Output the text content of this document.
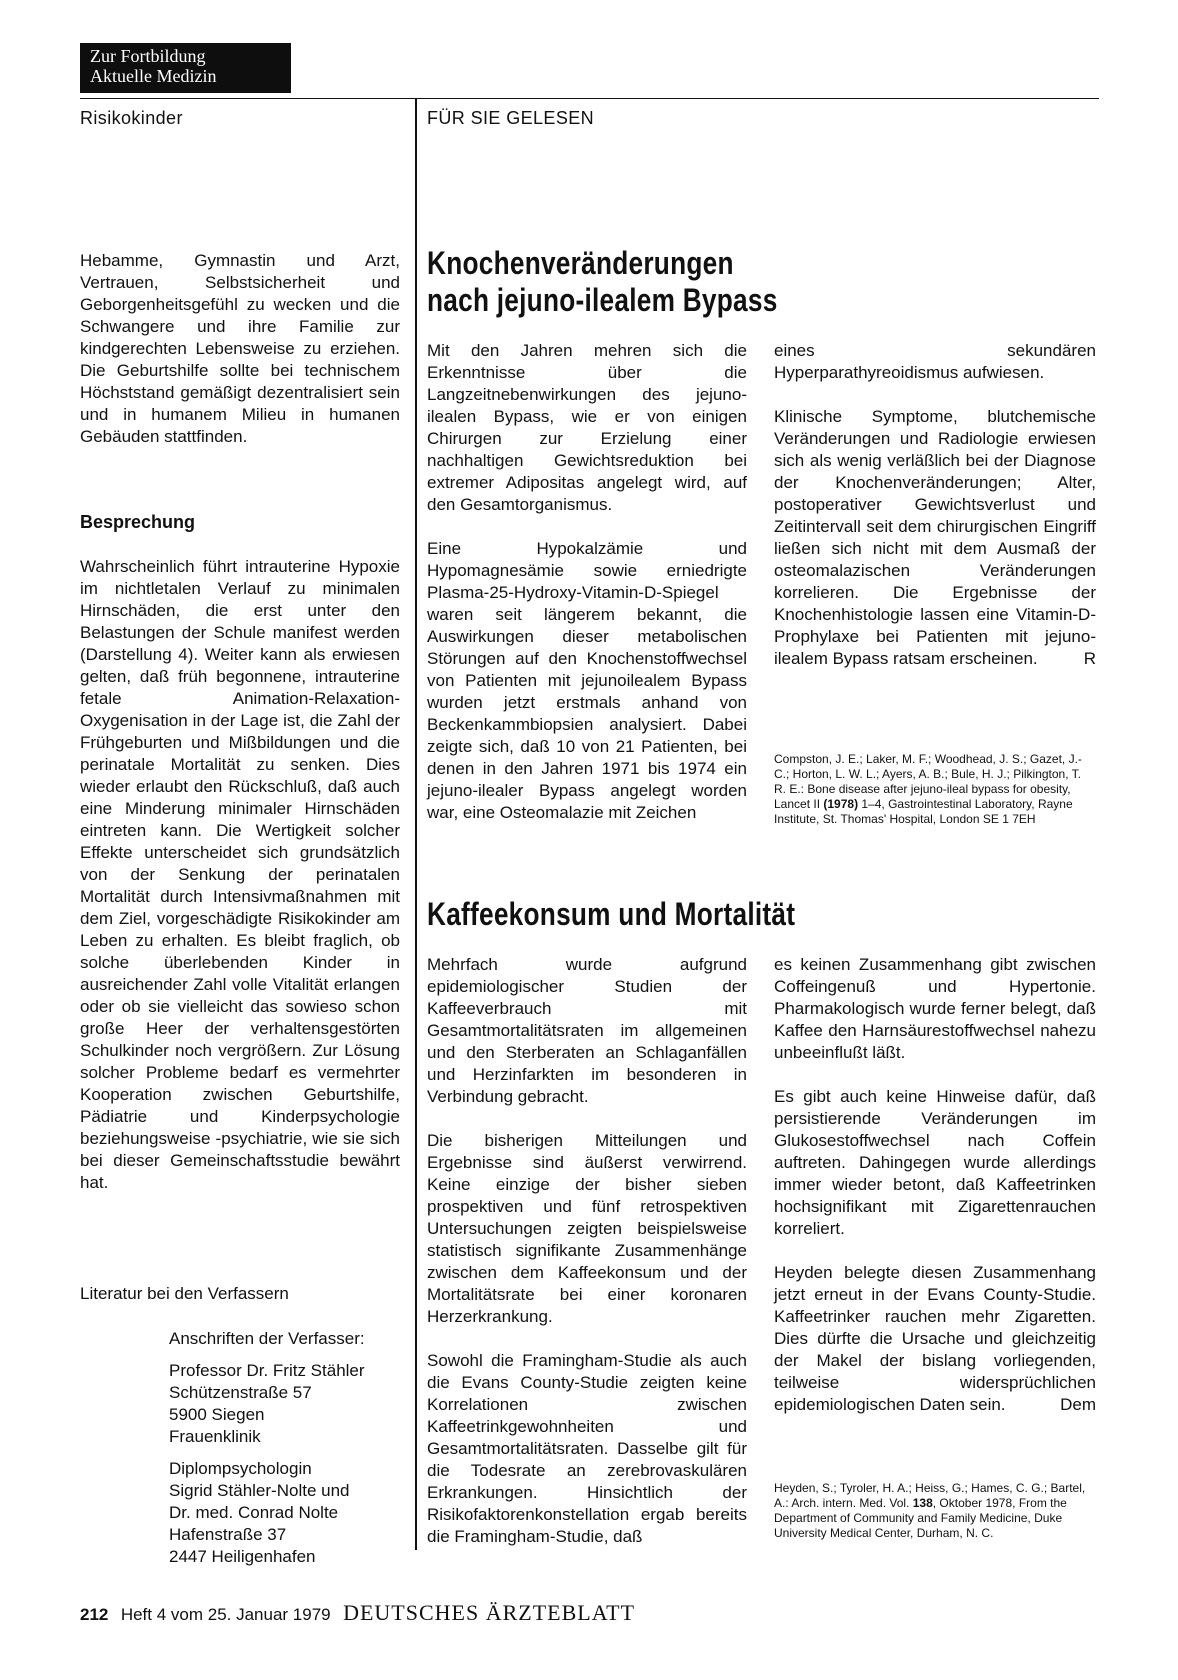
Zur Fortbildung
Aktuelle Medizin
Risikokinder	FÜR SIE GELESEN
Hebamme, Gymnastin und Arzt, Vertrauen, Selbstsicherheit und Geborgenheitsgefühl zu wecken und die Schwangere und ihre Familie zur kindgerechten Lebensweise zu erziehen. Die Geburtshilfe sollte bei technischem Höchststand gemäßigt dezentralisiert sein und in humanem Milieu in humanen Gebäuden stattfinden.
Besprechung
Wahrscheinlich führt intrauterine Hypoxie im nichtletalen Verlauf zu minimalen Hirnschäden, die erst unter den Belastungen der Schule manifest werden (Darstellung 4). Weiter kann als erwiesen gelten, daß früh begonnene, intrauterine fetale Animation-Relaxation-Oxygenisation in der Lage ist, die Zahl der Frühgeburten und Mißbildungen und die perinatale Mortalität zu senken. Dies wieder erlaubt den Rückschluß, daß auch eine Minderung minimaler Hirnschäden eintreten kann. Die Wertigkeit solcher Effekte unterscheidet sich grundsätzlich von der Senkung der perinatalen Mortalität durch Intensivmaßnahmen mit dem Ziel, vorgeschädigte Risikokinder am Leben zu erhalten. Es bleibt fraglich, ob solche überlebenden Kinder in ausreichender Zahl volle Vitalität erlangen oder ob sie vielleicht das sowieso schon große Heer der verhaltensgestörten Schulkinder noch vergrößern. Zur Lösung solcher Probleme bedarf es vermehrter Kooperation zwischen Geburtshilfe, Pädiatrie und Kinderpsychologie beziehungsweise -psychiatrie, wie sie sich bei dieser Gemeinschaftsstudie bewährt hat.
Literatur bei den Verfassern
Anschriften der Verfasser:
Professor Dr. Fritz Stähler
Schützenstraße 57
5900 Siegen
Frauenklinik
Diplompsychologin
Sigrid Stähler-Nolte und
Dr. med. Conrad Nolte
Hafenstraße 37
2447 Heiligenhafen
Knochenveränderungen
nach jejuno-ilealem Bypass

Mit den Jahren mehren sich die Erkenntnisse über die Langzeitnebenwirkungen des jejuno-ilealen Bypass, wie er von einigen Chirurgen zur Erzielung einer nachhaltigen Gewichtsreduktion bei extremer Adipositas angelegt wird, auf den Gesamtorganismus.

Eine Hypokalzämie und Hypomagnesämie sowie erniedrigte Plasma-25-Hydroxy-Vitamin-D-Spiegel waren seit längerem bekannt, die Auswirkungen dieser metabolischen Störungen auf den Knochenstoffwechsel von Patienten mit jejunoilealem Bypass wurden jetzt erstmals anhand von Beckenkammbiopsien analysiert. Dabei zeigte sich, daß 10 von 21 Patienten, bei denen in den Jahren 1971 bis 1974 ein jejuno-ilealer Bypass angelegt worden war, eine Osteomalazie mit Zeichen

eines sekundären Hyperparathyreoidismus aufwiesen.

Klinische Symptome, blutchemische Veränderungen und Radiologie erwiesen sich als wenig verläßlich bei der Diagnose der Knochenveränderungen; Alter, postoperativer Gewichtsverlust und Zeitintervall seit dem chirurgischen Eingriff ließen sich nicht mit dem Ausmaß der osteomalazischen Veränderungen korrelieren. Die Ergebnisse der Knochenhistologie lassen eine Vitamin-D-Prophylaxe bei Patienten mit jejuno-ilealem Bypass ratsam erscheinen.	R

Compston, J. E.; Laker, M. F.; Woodhead, J. S.; Gazet, J.-C.; Horton, L. W. L.; Ayers, A. B.; Bule, H. J.; Pilkington, T. R. E.: Bone disease after jejuno-ileal bypass for obesity, Lancet II (1978) 1–4, Gastrointestinal Laboratory, Rayne Institute, St. Thomas' Hospital, London SE 1 7EH
Kaffeekonsum und Mortalität

Mehrfach wurde aufgrund epidemiologischer Studien der Kaffeeverbrauch mit Gesamtmortalitätsraten im allgemeinen und den Sterberaten an Schlaganfällen und Herzinfarkten im besonderen in Verbindung gebracht.

Die bisherigen Mitteilungen und Ergebnisse sind äußerst verwirrend. Keine einzige der bisher sieben prospektiven und fünf retrospektiven Untersuchungen zeigten beispielsweise statistisch signifikante Zusammenhänge zwischen dem Kaffeekonsum und der Mortalitätsrate bei einer koronaren Herzerkrankung.

Sowohl die Framingham-Studie als auch die Evans County-Studie zeigten keine Korrelationen zwischen Kaffeetrinkgewohnheiten und Gesamtmortalitätsraten. Dasselbe gilt für die Todesrate an zerebrovaskulären Erkrankungen. Hinsichtlich der Risikofaktorenkonstellation ergab bereits die Framingham-Studie, daß

es keinen Zusammenhang gibt zwischen Coffeingenuß und Hypertonie. Pharmakologisch wurde ferner belegt, daß Kaffee den Harnsäurestoffwechsel nahezu unbeeinflußt läßt.

Es gibt auch keine Hinweise dafür, daß persistierende Veränderungen im Glukosestoffwechsel nach Coffein auftreten. Dahingegen wurde allerdings immer wieder betont, daß Kaffeetrinken hochsignifikant mit Zigarettenrauchen korreliert.

Heyden belegte diesen Zusammenhang jetzt erneut in der Evans County-Studie. Kaffeetrinker rauchen mehr Zigaretten. Dies dürfte die Ursache und gleichzeitig der Makel der bislang vorliegenden, teilweise widersprüchlichen epidemiologischen Daten sein.	Dem

Heyden, S.; Tyroler, H. A.; Heiss, G.; Hames, C. G.; Bartel, A.: Arch. intern. Med. Vol. 138, Oktober 1978, From the Department of Community and Family Medicine, Duke University Medical Center, Durham, N. C.
212 Heft 4 vom 25. Januar 1979 DEUTSCHES ÄRZTEBLATT
